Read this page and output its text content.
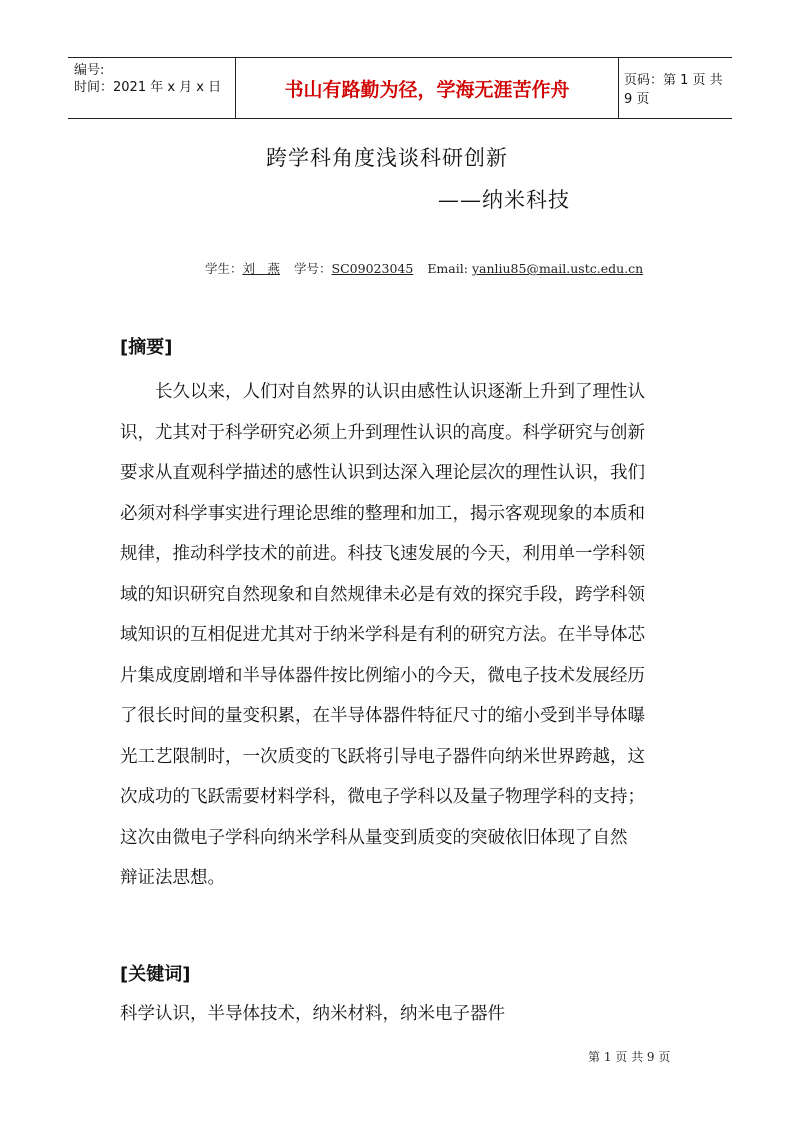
编号:
时间：2021 年 x 月 x 日	书山有路勤为径，学海无涯苦作舟	页码：第 1 页 共 9 页
跨学科角度浅谈科研创新
——纳米科技
学生：刘　燕 学号：SC09023045 Email: yanliu85@mail.ustc.edu.cn
[摘要]
长久以来，人们对自然界的认识由感性认识逐渐上升到了理性认
识，尤其对于科学研究必须上升到理性认识的高度。科学研究与创新
要求从直观科学描述的感性认识到达深入理论层次的理性认识，我们
必须对科学事实进行理论思维的整理和加工，揭示客观现象的本质和
规律，推动科学技术的前进。科技飞速发展的今天，利用单一学科领
域的知识研究自然现象和自然规律未必是有效的探究手段，跨学科领
域知识的互相促进尤其对于纳米学科是有利的研究方法。在半导体芯
片集成度剧增和半导体器件按比例缩小的今天，微电子技术发展经历
了很长时间的量变积累，在半导体器件特征尺寸的缩小受到半导体曝
光工艺限制时，一次质变的飞跃将引导电子器件向纳米世界跨越，这
次成功的飞跃需要材料学科，微电子学科以及量子物理学科的支持；
这次由微电子学科向纳米学科从量变到质变的突破依旧体现了自然
辩证法思想。
[关键词]
科学认识，半导体技术，纳米材料，纳米电子器件
第 1 页 共 9 页
